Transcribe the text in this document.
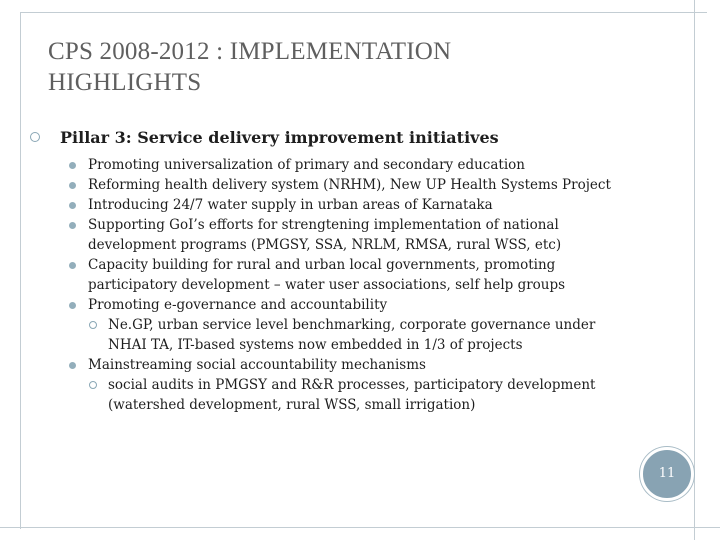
CPS 2008-2012 : IMPLEMENTATION
HIGHLIGHTS
Pillar 3: Service delivery improvement initiatives
Promoting universalization of primary and secondary education
Reforming health delivery system (NRHM), New UP Health Systems Project
Introducing 24/7 water supply in urban areas of Karnataka
Supporting GoI’s efforts for strengtening implementation of national
development programs (PMGSY, SSA, NRLM, RMSA, rural WSS, etc)
Capacity building for rural and urban local governments, promoting
participatory development – water user associations, self help groups
Promoting e-governance and accountability
Ne.GP, urban service level benchmarking, corporate governance under
NHAI TA, IT-based systems now embedded in 1/3 of projects
Mainstreaming social accountability mechanisms
social audits in PMGSY and R&R processes, participatory development
(watershed development, rural WSS, small irrigation)
11
